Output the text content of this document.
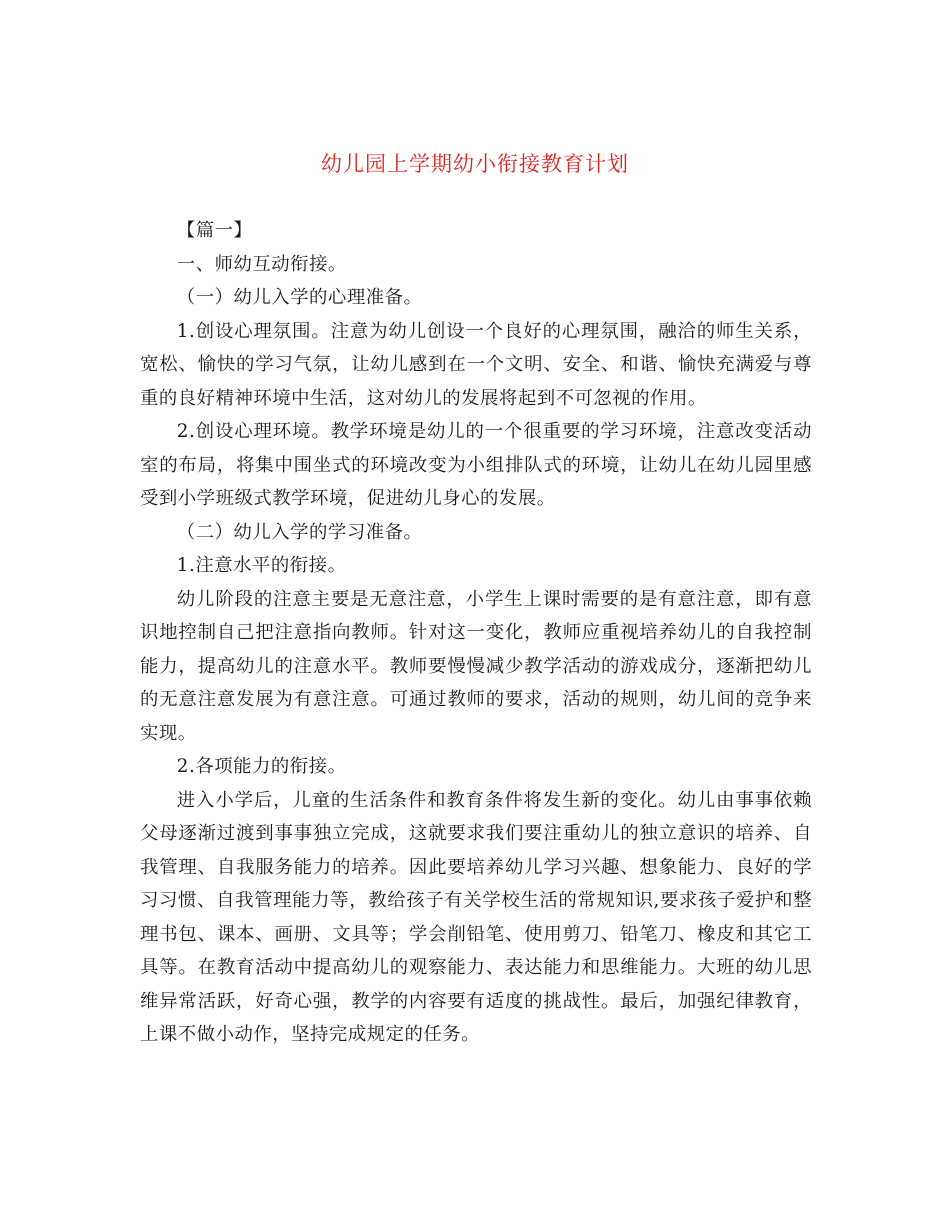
幼儿园上学期幼小衔接教育计划

【篇一】

一、师幼互动衔接。

（一）幼儿入学的心理准备。

1.创设心理氛围。注意为幼儿创设一个良好的心理氛围，融洽的师生关系，宽松、愉快的学习气氛，让幼儿感到在一个文明、安全、和谐、愉快充满爱与尊重的良好精神环境中生活，这对幼儿的发展将起到不可忽视的作用。

2.创设心理环境。教学环境是幼儿的一个很重要的学习环境，注意改变活动室的布局，将集中围坐式的环境改变为小组排队式的环境，让幼儿在幼儿园里感受到小学班级式教学环境，促进幼儿身心的发展。

（二）幼儿入学的学习准备。

1.注意水平的衔接。

幼儿阶段的注意主要是无意注意，小学生上课时需要的是有意注意，即有意识地控制自己把注意指向教师。针对这一变化，教师应重视培养幼儿的自我控制能力，提高幼儿的注意水平。教师要慢慢减少教学活动的游戏成分，逐渐把幼儿的无意注意发展为有意注意。可通过教师的要求，活动的规则，幼儿间的竞争来实现。

2.各项能力的衔接。

进入小学后，儿童的生活条件和教育条件将发生新的变化。幼儿由事事依赖父母逐渐过渡到事事独立完成，这就要求我们要注重幼儿的独立意识的培养、自我管理、自我服务能力的培养。因此要培养幼儿学习兴趣、想象能力、良好的学习习惯、自我管理能力等，教给孩子有关学校生活的常规知识,要求孩子爱护和整理书包、课本、画册、文具等；学会削铅笔、使用剪刀、铅笔刀、橡皮和其它工具等。在教育活动中提高幼儿的观察能力、表达能力和思维能力。大班的幼儿思维异常活跃，好奇心强，教学的内容要有适度的挑战性。最后，加强纪律教育，上课不做小动作，坚持完成规定的任务。
